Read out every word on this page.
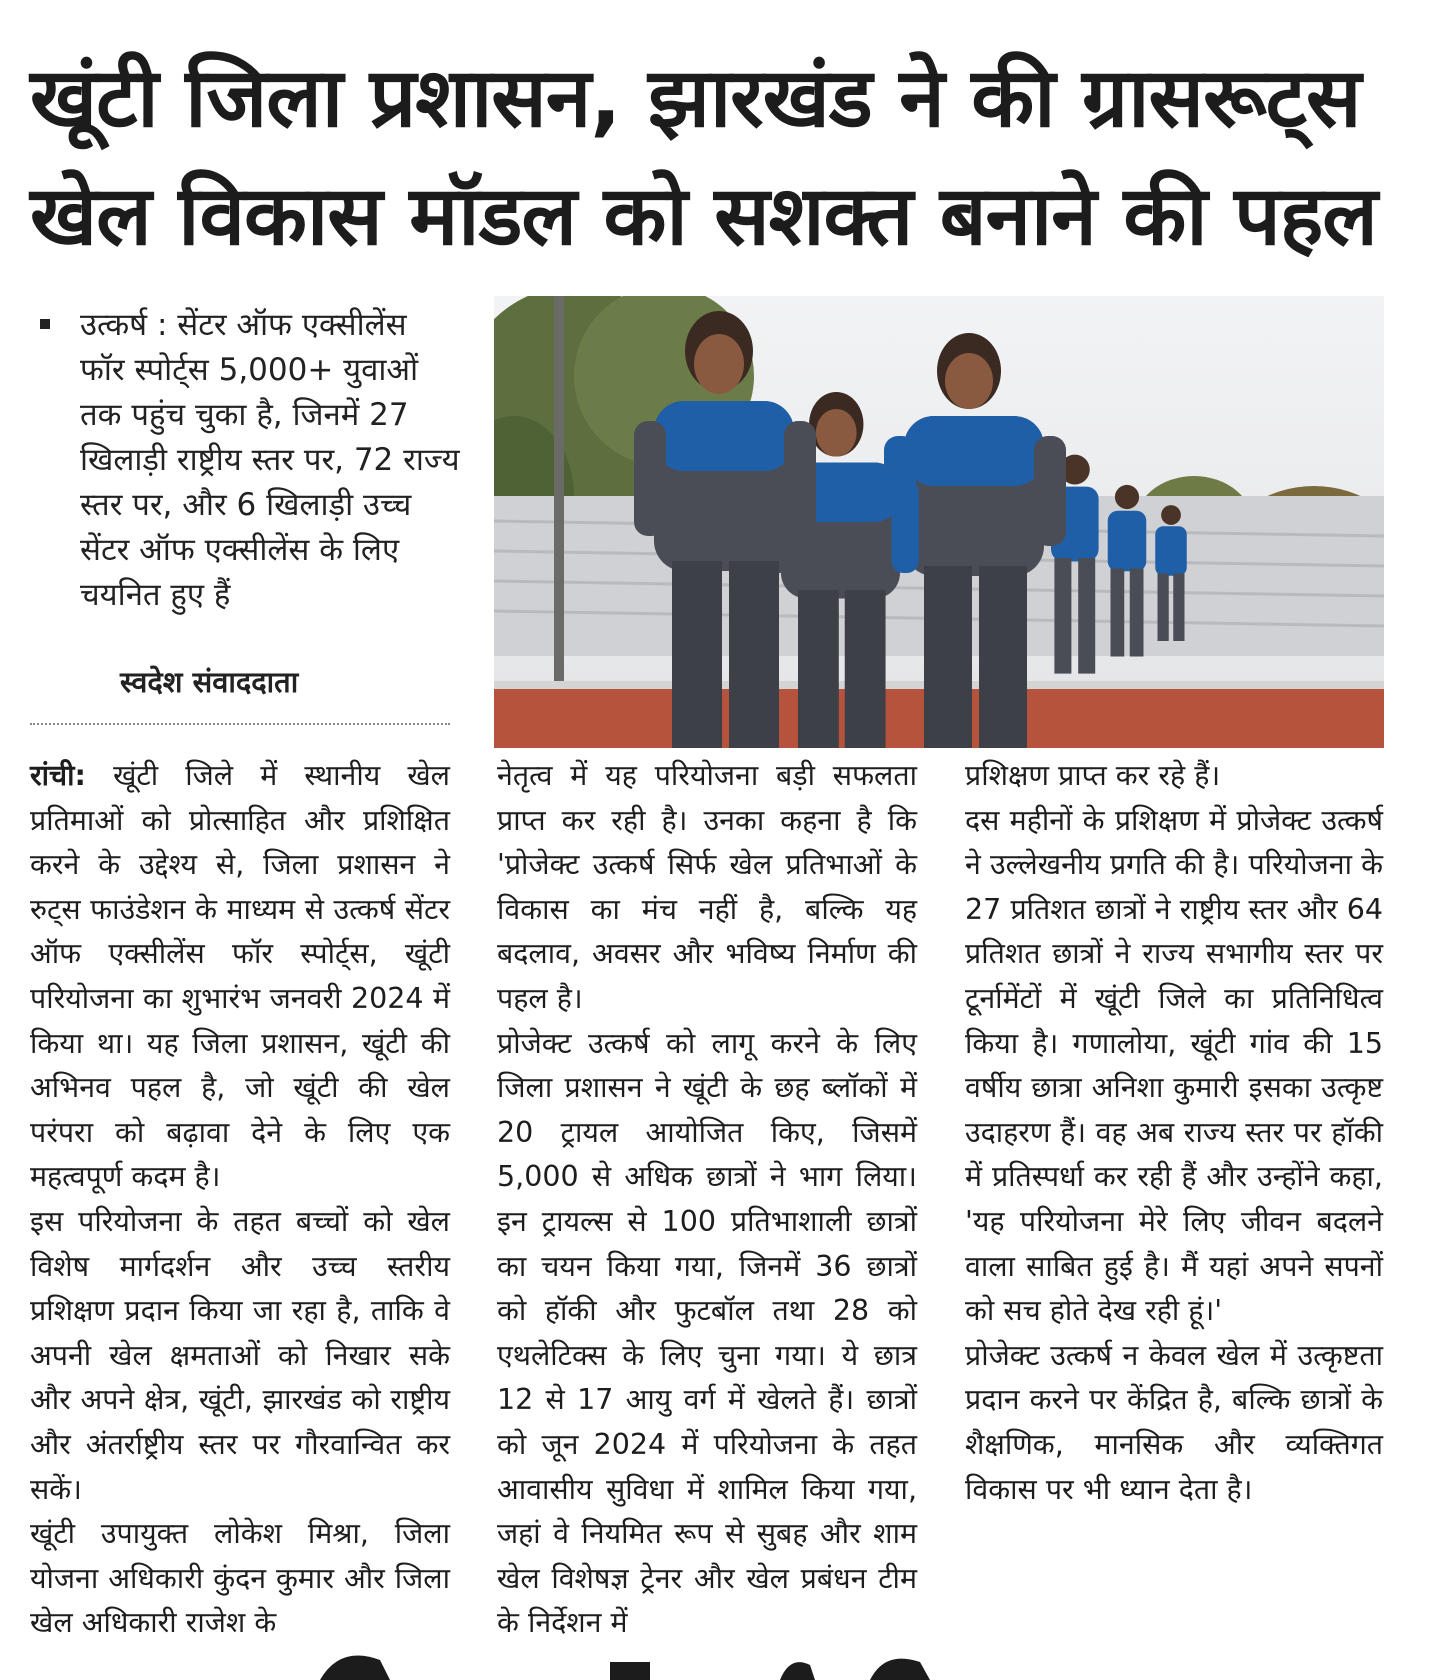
खूंटी जिला प्रशासन, झारखंड ने की ग्रासरूट्स
खेल विकास मॉडल को सशक्त बनाने की पहल
उत्कर्ष : सेंटर ऑफ एक्सीलेंस फॉर स्पोर्ट्स 5,000+ युवाओं तक पहुंच चुका है, जिनमें 27 खिलाड़ी राष्ट्रीय स्तर पर, 72 राज्य स्तर पर, और 6 खिलाड़ी उच्च सेंटर ऑफ एक्सीलेंस के लिए चयनित हुए हैं
स्वदेश संवाददाता

रांची: खूंटी जिले में स्थानीय खेल प्रतिमाओं को प्रोत्साहित और प्रशिक्षित करने के उद्देश्य से, जिला प्रशासन ने रुट्स फाउंडेशन के माध्यम से उत्कर्ष सेंटर ऑफ एक्सीलेंस फॉर स्पोर्ट्स, खूंटी परियोजना का शुभारंभ जनवरी 2024 में किया था। यह जिला प्रशासन, खूंटी की अभिनव पहल है, जो खूंटी की खेल परंपरा को बढ़ावा देने के लिए एक महत्वपूर्ण कदम है।

इस परियोजना के तहत बच्चों को खेल विशेष मार्गदर्शन और उच्च स्तरीय प्रशिक्षण प्रदान किया जा रहा है, ताकि वे अपनी खेल क्षमताओं को निखार सके और अपने क्षेत्र, खूंटी, झारखंड को राष्ट्रीय और अंतर्राष्ट्रीय स्तर पर गौरवान्वित कर सकें।

खूंटी उपायुक्त लोकेश मिश्रा, जिला योजना अधिकारी कुंदन कुमार और जिला खेल अधिकारी राजेश के

नेतृत्व में यह परियोजना बड़ी सफलता प्राप्त कर रही है। उनका कहना है कि 'प्रोजेक्ट उत्कर्ष सिर्फ खेल प्रतिभाओं के विकास का मंच नहीं है, बल्कि यह बदलाव, अवसर और भविष्य निर्माण की पहल है।

प्रोजेक्ट उत्कर्ष को लागू करने के लिए जिला प्रशासन ने खूंटी के छह ब्लॉकों में 20 ट्रायल आयोजित किए, जिसमें 5,000 से अधिक छात्रों ने भाग लिया। इन ट्रायल्स से 100 प्रतिभाशाली छात्रों का चयन किया गया, जिनमें 36 छात्रों को हॉकी और फुटबॉल तथा 28 को एथलेटिक्स के लिए चुना गया। ये छात्र 12 से 17 आयु वर्ग में खेलते हैं। छात्रों को जून 2024 में परियोजना के तहत आवासीय सुविधा में शामिल किया गया, जहां वे नियमित रूप से सुबह और शाम खेल विशेषज्ञ ट्रेनर और खेल प्रबंधन टीम के निर्देशन में

प्रशिक्षण प्राप्त कर रहे हैं।

दस महीनों के प्रशिक्षण में प्रोजेक्ट उत्कर्ष ने उल्लेखनीय प्रगति की है। परियोजना के 27 प्रतिशत छात्रों ने राष्ट्रीय स्तर और 64 प्रतिशत छात्रों ने राज्य सभागीय स्तर पर टूर्नामेंटों में खूंटी जिले का प्रतिनिधित्व किया है। गणालोया, खूंटी गांव की 15 वर्षीय छात्रा अनिशा कुमारी इसका उत्कृष्ट उदाहरण हैं। वह अब राज्य स्तर पर हॉकी में प्रतिस्पर्धा कर रही हैं और उन्होंने कहा, 'यह परियोजना मेरे लिए जीवन बदलने वाला साबित हुई है। मैं यहां अपने सपनों को सच होते देख रही हूं।'

प्रोजेक्ट उत्कर्ष न केवल खेल में उत्कृष्टता प्रदान करने पर केंद्रित है, बल्कि छात्रों के शैक्षणिक, मानसिक और व्यक्तिगत विकास पर भी ध्यान देता है।
